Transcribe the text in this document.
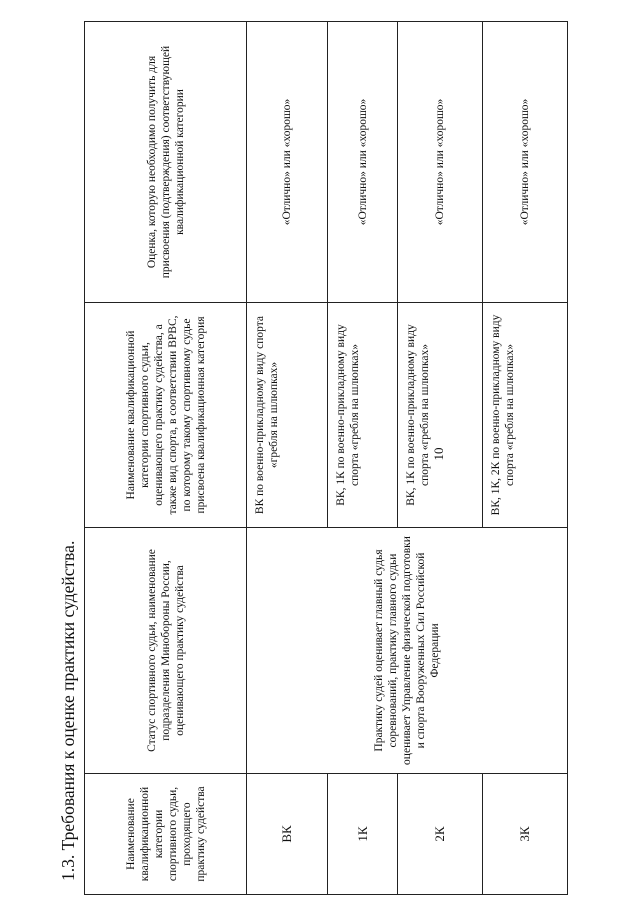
10
1.3. Требования к оценке практики судейства.	Наименование квалификационной категории спортивного судьи, проходящего практику судейства	Статус спортивного судьи, наименование подразделения Минобороны России, оценивающего практику судейства	Наименование квалификационной категории спортивного судьи, оценивающего практику судейства, а также вид спорта, в соответствии ВРВС, по которому такому спортивному судье присвоена квалификационная категория	Оценка, которую необходимо получить для присвоения (подтверждения) соответствующей квалификационной категории
ВК	Практику судей оценивает главный судья соревнований, практику главного судьи оценивает Управление физической подготовки и спорта Вооруженных Сил Российской Федерации	ВК по военно-прикладному виду спорта «гребля на шлюпках»	«Отлично» или «хорошо»
1К		ВК, 1К по военно-прикладному виду спорта «гребля на шлюпках»	«Отлично» или «хорошо»
2К		ВК, 1К по военно-прикладному виду спорта «гребля на шлюпках»	«Отлично» или «хорошо»
3К		ВК, 1К, 2К по военно-прикладному виду спорта «гребля на шлюпках»	«Отлично» или «хорошо»
